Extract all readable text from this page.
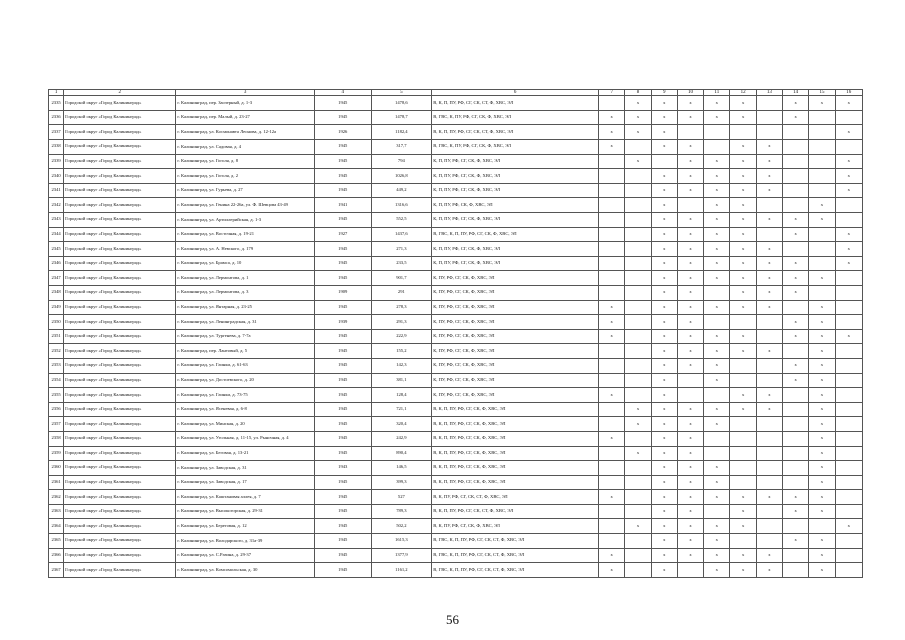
1	2	3	4	5	6	7	8	9	10	11	12	13	14	15	16
2335	Городской округ «Город Калининград»	г. Калининград, пер. Заозерный, д. 1-3	1945	1478,6	В, К, П, ПУ, РФ, СГ, СК, СТ, Ф, ХВС, ЭЛ		x	x	x	x	x		x	x	x
2336	Городской округ «Город Калининград»	г. Калининград, пер. Малый, д. 23-27	1945	1478,7	В, ГВС, К, ПУ, РФ, СГ, СК, Ф, ХВС, ЭЛ	x	x	x	x	x	x		x		
2337	Городской округ «Город Калининград»	г. Калининград, ул. Космонавта Леонова, д. 12-12а	1926	1182,4	В, К, П, ПУ, РФ, СГ, СК, СТ, Ф, ХВС, ЭЛ	x	x	x							x
2338	Городской округ «Город Калининград»	г. Калининград, ул. Садовая, д. 4	1945	317,7	В, ГВС, К, ПУ, РФ, СГ, СК, Ф, ХВС, ЭЛ	x		x	x		x	x			
2339	Городской округ «Город Калининград»	г. Калининград, ул. Гоголя, д. 8	1945	794	К, П, ПУ, РФ, СГ, СК, Ф, ХВС, ЭЛ		x		x	x	x	x			x
2340	Городской округ «Город Калининград»	г. Калининград, ул. Гоголя, д. 2	1945	1026,8	К, П, ПУ, РФ, СГ, СК, Ф, ХВС, ЭЛ			x	x	x	x	x			x
2341	Городской округ «Город Калининград»	г. Калининград, ул. Гурьева, д. 27	1945	449,2	К, П, ПУ, РФ, СГ, СК, Ф, ХВС, ЭЛ			x	x	x	x	x			x
2342	Городской округ «Город Калининград»	г. Калининград, ул. Генина 22-26а, ул. Ф. Шевцова 43-49	1941	1316,6	К, П, ПУ, РФ, СК, Ф, ХВС, ЭЛ			x		x	x			x	
2343	Городской округ «Город Калининград»	г. Калининград, ул. Артиллерийская, д. 1-3	1945	552,5	К, П, ПУ, РФ, СГ, СК, Ф, ХВС, ЭЛ			x	x	x	x	x	x	x	
2344	Городской округ «Город Калининград»	г. Калининград, ул. Восточная, д. 19-21	1927	1437,6	В, ГВС, К, П, ПУ, РФ, СГ, СК, Ф, ХВС, ЭЛ			x	x	x	x		x		x
2345	Городской округ «Город Калининград»	г. Калининград, ул. А. Невского, д. 179	1945	271,3	К, П, ПУ, РФ, СГ, СК, Ф, ХВС, ЭЛ			x	x	x	x	x			x
2346	Городской округ «Город Калининград»	г. Калининград, ул. Брамса, д. 10	1945	233,5	К, П, ПУ, РФ, СГ, СК, Ф, ХВС, ЭЛ			x	x	x	x	x	x		x
2347	Городской округ «Город Калининград»	г. Калининград, ул. Лермонтова, д. 1	1945	901,7	К, ПУ, РФ, СГ, СК, Ф, ХВС, ЭЛ			x	x	x	x	x	x	x	
2348	Городской округ «Город Калининград»	г. Калининград, ул. Лермонтова, д. 3	1909	291	К, ПУ, РФ, СГ, СК, Ф, ХВС, ЭЛ			x	x		x	x	x		
2349	Городской округ «Город Калининград»	г. Калининград, ул. Янтарная, д. 23-25	1945	278,3	К, ПУ, РФ, СГ, СК, Ф, ХВС, ЭЛ	x		x	x	x	x	x		x	
2350	Городской округ «Город Калининград»	г. Калининград, ул. Ленинградская, д. 31	1939	291,3	К, ПУ, РФ, СГ, СК, Ф, ХВС, ЭЛ	x		x	x				x	x	
2351	Городской округ «Город Калининград»	г. Калининград, ул. Тургенева, д. 7-7а	1945	222,9	К, ПУ, РФ, СГ, СК, Ф, ХВС, ЭЛ	x		x	x	x	x		x	x	x
2352	Городской округ «Город Калининград»	г. Калининград, пер. Лантовый, д. 5	1945	155,2	К, ПУ, РФ, СГ, СК, Ф, ХВС, ЭЛ			x	x	x	x	x		x	
2353	Городской округ «Город Калининград»	г. Калининград, ул. Глинки, д. 61-63	1945	142,3	К, ПУ, РФ, СГ, СК, Ф, ХВС, ЭЛ			x	x	x			x	x	
2354	Городской округ «Город Калининград»	г. Калининград, ул. Достоевского, д. 20	1945	381,1	К, ПУ, РФ, СГ, СК, Ф, ХВС, ЭЛ			x		x			x	x	
2355	Городской округ «Город Калининград»	г. Калининград, ул. Глинки, д. 73-75	1945	128,4	К, ПУ, РФ, СГ, СК, Ф, ХВС, ЭЛ	x		x			x	x		x	
2356	Городской округ «Город Калининград»	г. Калининград, ул. Ясеневая, д. 6-8	1945	721,1	В, К, П, ПУ, РФ, СГ, СК, Ф, ХВС, ЭЛ		x	x	x	x	x	x		x	
2357	Городской округ «Город Калининград»	г. Калининград, ул. Минская, д. 20	1945	320,4	В, К, П, ПУ, РФ, СГ, СК, Ф, ХВС, ЭЛ		x	x	x	x				x	
2358	Городской округ «Город Калининград»	г. Калининград, ул. Угольная, д. 11-15, ул. Рыночная, д. 4	1945	242,9	В, К, П, ПУ, РФ, СГ, СК, Ф, ХВС, ЭЛ	x		x	x					x	
2359	Городской округ «Город Калининград»	г. Калининград, ул. Беговая, д. 13-21	1945	890,4	В, К, П, ПУ, РФ, СГ, СК, Ф, ХВС, ЭЛ		x	x	x					x	
2360	Городской округ «Город Калининград»	г. Калининград, ул. Заводская, д. 31	1943	146,5	В, К, П, ПУ, РФ, СГ, СК, Ф, ХВС, ЭЛ			x	x	x				x	
2361	Городской округ «Город Калининград»	г. Калининград, ул. Заводская, д. 17	1945	399,3	В, К, П, ПУ, РФ, СГ, СК, Ф, ХВС, ЭЛ			x	x	x				x	
2362	Городской округ «Город Калининград»	г. Калининград, ул. Каштановая аллея, д. 7	1945	527	В, К, ПУ, РФ, СГ, СК, СТ, Ф, ХВС, ЭЛ	x		x	x	x	x	x	x	x	
2363	Городской округ «Город Калининград»	г. Калининград, ул. Высокогорская, д. 29-31	1945	789,3	В, К, П, ПУ, РФ, СГ, СК, СТ, Ф, ХВС, ЭЛ			x	x		x		x	x	
2364	Городской округ «Город Калининград»	г. Калининград, ул. Береговая, д. 12	1945	502,2	В, К, ПУ, РФ, СГ, СК, Ф, ХВС, ЭЛ		x	x	x	x	x				x
2365	Городской округ «Город Калининград»	г. Калининград, ул. Володарского, д. 31а-39	1945	1615,3	В, ГВС, К, П, ПУ, РФ, СГ, СК, СТ, Ф, ХВС, ЭЛ			x	x	x			x	x	
2366	Городской округ «Город Калининград»	г. Калининград, ул. С.Разина, д. 29-37	1945	1377,9	В, ГВС, К, П, ПУ, РФ, СГ, СК, СТ, Ф, ХВС, ЭЛ	x		x	x	x	x	x		x	
2367	Городской округ «Город Калининград»	г. Калининград, ул. Комсомольская, д. 30	1945	1161,2	В, ГВС, К, П, ПУ, РФ, СГ, СК, СТ, Ф, ХВС, ЭЛ	x		x		x	x	x		x	
56
